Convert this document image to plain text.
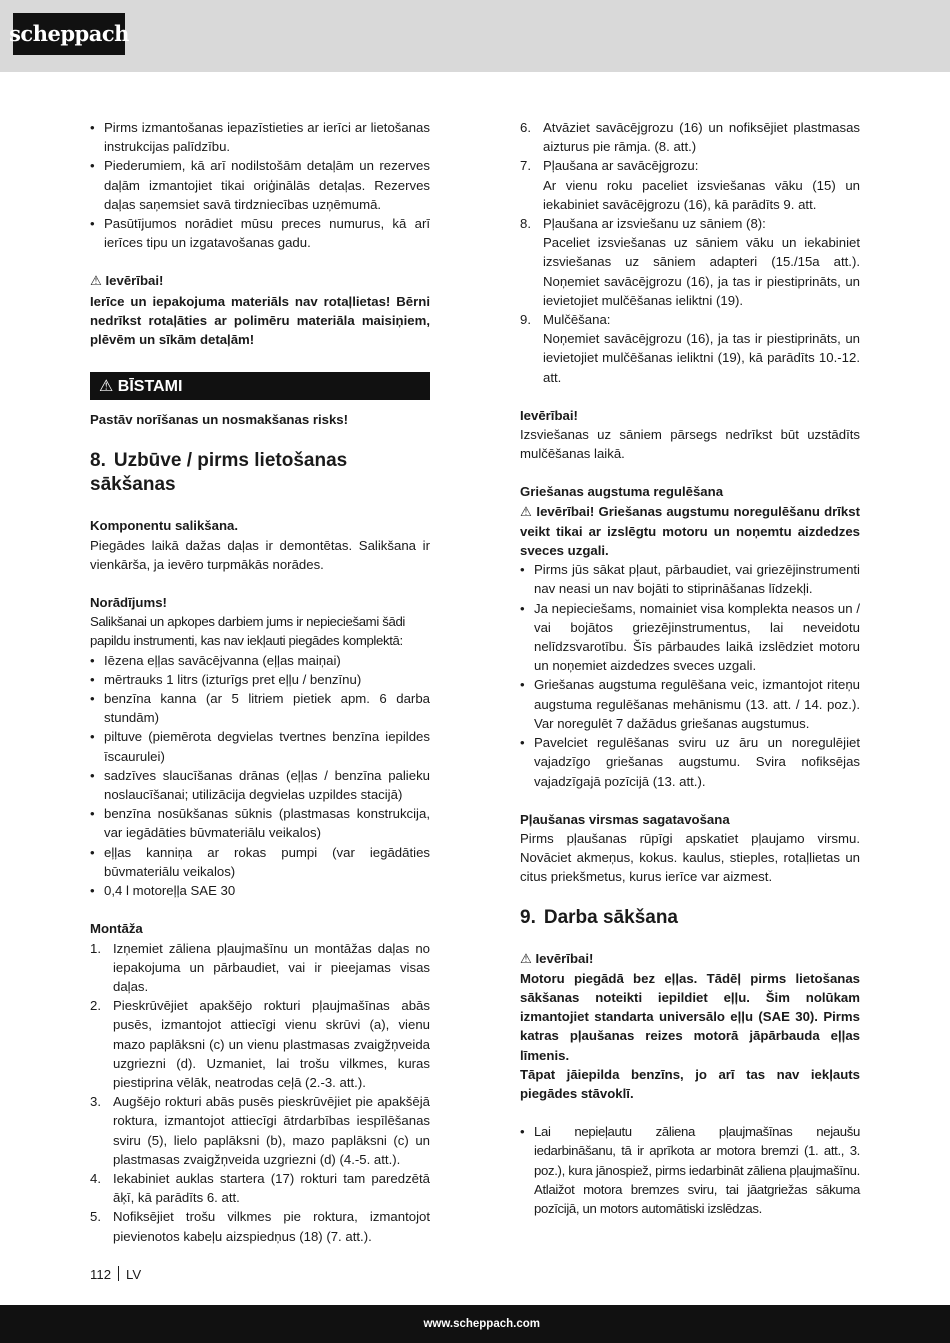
scheppach
• Pirms izmantošanas iepazīstieties ar ierīci ar lietošanas instrukcijas palīdzību.
• Piederumiem, kā arī nodilstošām detaļām un rezerves daļām izmantojiet tikai oriģinālās detaļas. Rezerves daļas saņemsiet savā tirdzniecības uzņēmumā.
• Pasūtījumos norādiet mūsu preces numurus, kā arī ierīces tipu un izgatavošanas gadu.
⚠ Ievērībai!
Ierīce un iepakojuma materiāls nav rotaļlietas! Bērni nedrīkst rotaļāties ar polimēru materiāla maisiņiem, plēvēm un sīkām detaļām!
⚠ BĪSTAMI
Pastāv norīšanas un nosmakšanas risks!
8. Uzbūve / pirms lietošanas sākšanas
Komponentu salikšana.
Piegādes laikā dažas daļas ir demontētas. Salikšana ir vienkārša, ja ievēro turpmākās norādes.
Norādījums!
Salikšanai un apkopes darbiem jums ir nepieciešami šādi papildu instrumenti, kas nav iekļauti piegādes komplektā:
• Iēzena eļļas savācējvanna (eļļas maiņai)
• mērtrauks 1 litrs (izturīgs pret eļļu / benzīnu)
• benzīna kanna (ar 5 litriem pietiek apm. 6 darba stundām)
• piltuve (piemērota degvielas tvertnes benzīna iepildes īscaurulei)
• sadzīves slaucīšanas drānas (eļļas / benzīna palieku noslaucīšanai; utilizācija degvielas uzpildes stacijā)
• benzīna nosūkšanas sūknis (plastmasas konstrukcija, var iegādāties būvmateriālu veikalos)
• eļļas kanniņa ar rokas pumpi (var iegādāties būvmateriālu veikalos)
• 0,4 l motoreļļa SAE 30
Montāža
1. Izņemiet zāliena pļaujmašīnu un montāžas daļas no iepakojuma un pārbaudiet, vai ir pieejamas visas daļas.
2. Pieskrūvējiet apakšējo rokturi pļaujmašīnas abās pusēs, izmantojot attiecīgi vienu skrūvi (a), vienu mazo paplāksni (c) un vienu plastmasas zvaigžņveida uzgriezni (d). Uzmaniet, lai trošu vilkmes, kuras piestiprina vēlāk, neatrodas ceļā (2.-3. att.).
3. Augšējo rokturi abās pusēs pieskrūvējiet pie apakšējā roktura, izmantojot attiecīgi ātrdarbības iespīlēšanas sviru (5), lielo paplāksni (b), mazo paplāksni (c) un plastmasas zvaigžņveida uzgriezni (d) (4.-5. att.).
4. Iekabiniet auklas startera (17) rokturi tam paredzētā āķī, kā parādīts 6. att.
5. Nofiksējiet trošu vilkmes pie roktura, izmantojot pievienotos kabeļu aizspiedņus (18) (7. att.).
6. Atvāziet savācējgrozu (16) un nofiksējiet plastmasas aizturus pie rāmja. (8. att.)
7. Pļaušana ar savācējgrozu:
Ar vienu roku paceliet izsviešanas vāku (15) un iekabiniet savācējgrozu (16), kā parādīts 9. att.
8. Pļaušana ar izsviešanu uz sāniem (8):
Paceliet izsviešanas uz sāniem vāku un iekabiniet izsviešanas uz sāniem adapteri (15./15a att.). Noņemiet savācējgrozu (16), ja tas ir piestiprināts, un ievietojiet mulčēšanas ieliktni (19).
9. Mulčēšana:
Noņemiet savācējgrozu (16), ja tas ir piestiprināts, un ievietojiet mulčēšanas ieliktni (19), kā parādīts 10.-12. att.
Ievērībai!
Izsviešanas uz sāniem pārsegs nedrīkst būt uzstādīts mulčēšanas laikā.
Griešanas augstuma regulēšana
⚠ Ievērībai! Griešanas augstumu noregulēšanu drīkst veikt tikai ar izslēgtu motoru un noņemtu aizdedzes sveces uzgali.
• Pirms jūs sākat pļaut, pārbaudiet, vai griezējinstrumenti nav neasi un nav bojāti to stiprināšanas līdzekļi.
• Ja nepieciešams, nomainiet visa komplekta neasos un / vai bojātos griezējinstrumentus, lai neveidotu nelīdzsvarotību. Šīs pārbaudes laikā izslēdziet motoru un noņemiet aizdedzes sveces uzgali.
• Griešanas augstuma regulēšana veic, izmantojot riteņu augstuma regulēšanas mehānismu (13. att. / 14. poz.). Var noregulēt 7 dažādus griešanas augstumus.
• Pavelciet regulēšanas sviru uz āru un noregulējiet vajadzīgo griešanas augstumu. Svira nofiksējas vajadzīgajā pozīcijā (13. att.).
Pļaušanas virsmas sagatavošana
Pirms pļaušanas rūpīgi apskatiet pļaujamo virsmu. Novāciet akmeņus, kokus. kaulus, stieples, rotaļlietas un citus priekšmetus, kurus ierīce var aizmest.
9. Darba sākšana
⚠ Ievērībai!
Motoru piegādā bez eļļas. Tādēļ pirms lietošanas sākšanas noteikti iepildiet eļļu. Šim nolūkam izmantojiet standarta universālo eļļu (SAE 30). Pirms katras pļaušanas reizes motorā jāpārbauda eļļas līmenis.
Tāpat jāiepilda benzīns, jo arī tas nav iekļauts piegādes stāvoklī.
• Lai nepieļautu zāliena pļaujmašīnas nejaušu iedarbināšanu, tā ir aprīkota ar motora bremzi (1. att., 3. poz.), kura jānospiež, pirms iedarbināt zāliena pļaujmašīnu. Atlaižot motora bremzes sviru, tai jāatgriežas sākuma pozīcijā, un motors automātiski izslēdzas.
112 LV
www.scheppach.com
